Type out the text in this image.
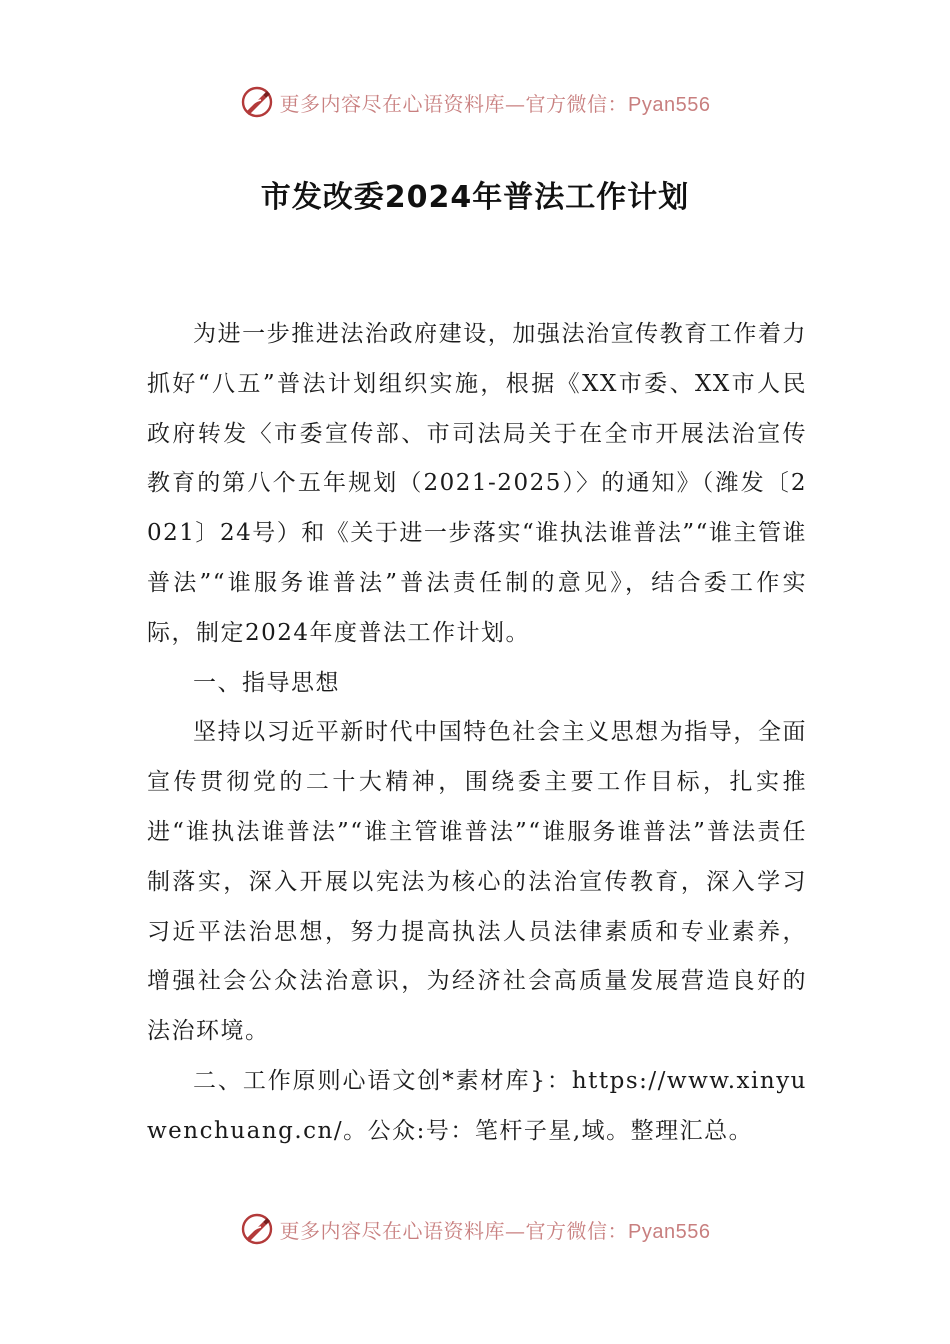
更多内容尽在心语资料库—官方微信：Pyan556
市发改委2024年普法工作计划

为进一步推进法治政府建设，加强法治宣传教育工作着力抓好“八五”普法计划组织实施，根据《XX市委、XX市人民政府转发〈市委宣传部、市司法局关于在全市开展法治宣传教育的第八个五年规划（2021-2025）〉的通知》（潍发〔2021〕24号）和《关于进一步落实“谁执法谁普法”“谁主管谁普法”“谁服务谁普法”普法责任制的意见》，结合委工作实际，制定2024年度普法工作计划。

一、指导思想

坚持以习近平新时代中国特色社会主义思想为指导，全面宣传贯彻党的二十大精神，围绕委主要工作目标，扎实推进“谁执法谁普法”“谁主管谁普法”“谁服务谁普法”普法责任制落实，深入开展以宪法为核心的法治宣传教育，深入学习习近平法治思想，努力提高执法人员法律素质和专业素养，增强社会公众法治意识，为经济社会高质量发展营造良好的法治环境。

二、工作原则心语文创*素材库}：https://www.xinyuwenchuang.cn/。公众:号：笔杆子星,域。整理汇总。

更多内容尽在心语资料库—官方微信：Pyan556
